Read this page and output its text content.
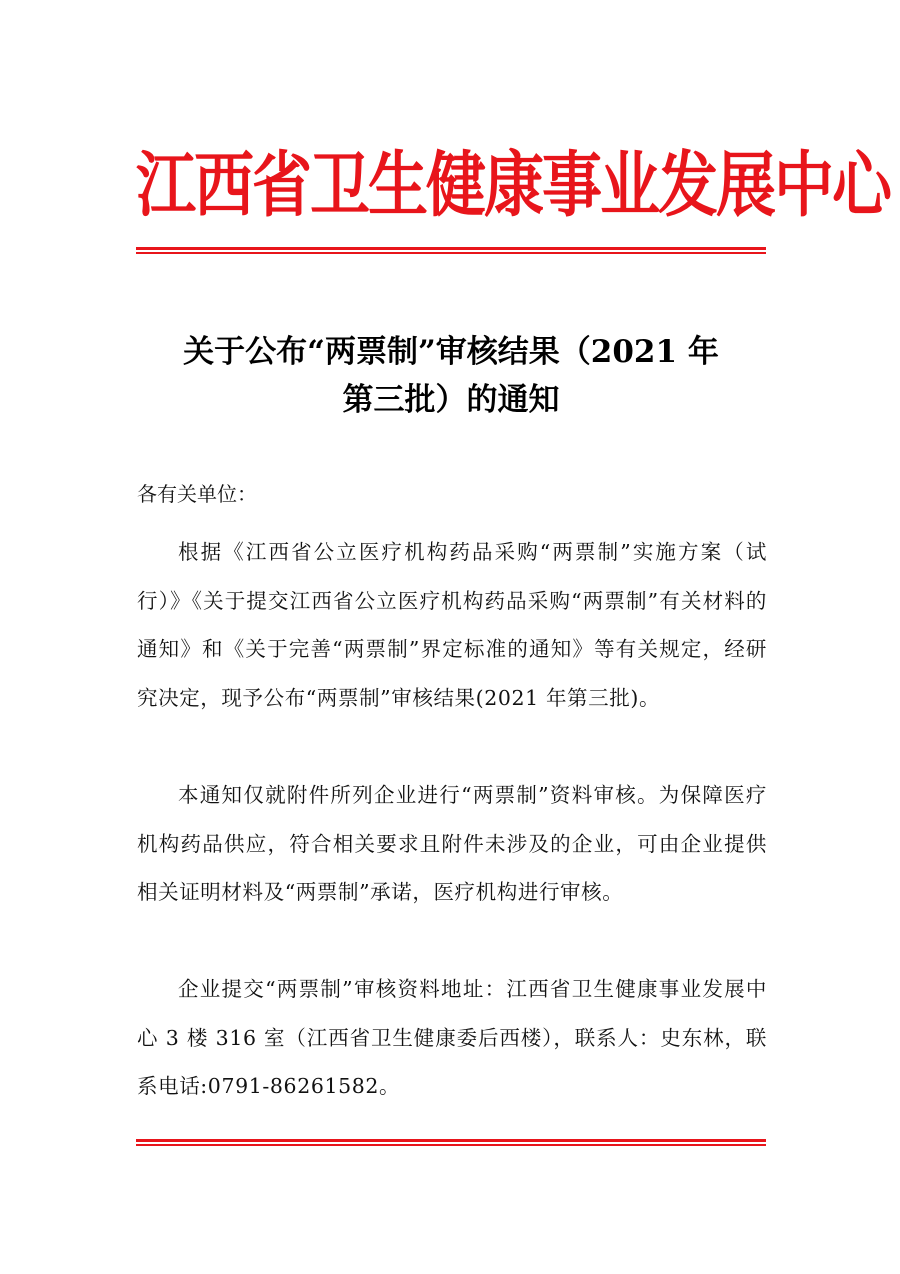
江西省卫生健康事业发展中心
关于公布“两票制”审核结果（2021 年
第三批）的通知
各有关单位：

根据《江西省公立医疗机构药品采购“两票制”实施方案（试行）》《关于提交江西省公立医疗机构药品采购“两票制”有关材料的通知》和《关于完善“两票制”界定标准的通知》等有关规定，经研究决定，现予公布“两票制”审核结果(2021 年第三批)。

本通知仅就附件所列企业进行“两票制”资料审核。为保障医疗机构药品供应，符合相关要求且附件未涉及的企业，可由企业提供相关证明材料及“两票制”承诺，医疗机构进行审核。

企业提交“两票制”审核资料地址：江西省卫生健康事业发展中心 3 楼 316 室（江西省卫生健康委后西楼），联系人：史东林，联系电话:0791-86261582。
